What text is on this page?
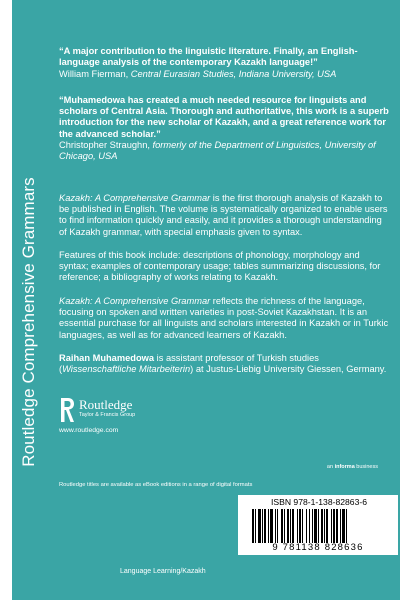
Routledge Comprehensive Grammars

“A major contribution to the linguistic literature. Finally, an English-language analysis of the contemporary Kazakh language!”

William Fierman, Central Eurasian Studies, Indiana University, USA

“Muhamedowa has created a much needed resource for linguists and scholars of Central Asia. Thorough and authoritative, this work is a superb introduction for the new scholar of Kazakh, and a great reference work for the advanced scholar.”

Christopher Straughn, formerly of the Department of Linguistics, University of Chicago, USA

Kazakh: A Comprehensive Grammar is the first thorough analysis of Kazakh to be published in English. The volume is systematically organized to enable users to find information quickly and easily, and it provides a thorough understanding of Kazakh grammar, with special emphasis given to syntax.

Features of this book include: descriptions of phonology, morphology and syntax; examples of contemporary usage; tables summarizing discussions, for reference; a bibliography of works relating to Kazakh.

Kazakh: A Comprehensive Grammar reflects the richness of the language, focusing on spoken and written varieties in post-Soviet Kazakhstan. It is an essential purchase for all linguists and scholars interested in Kazakh or in Turkic languages, as well as for advanced learners of Kazakh.

Raihan Muhamedowa is assistant professor of Turkish studies (Wissenschaftliche Mitarbeiterin) at Justus-Liebig University Giessen, Germany.

Routledge
Taylor & Francis Group
www.routledge.com
an informa business
Routledge titles are available as eBook editions in a range of digital formats
ISBN 978-1-138-82863-6
9 781138 828636
Language Learning/Kazakh
